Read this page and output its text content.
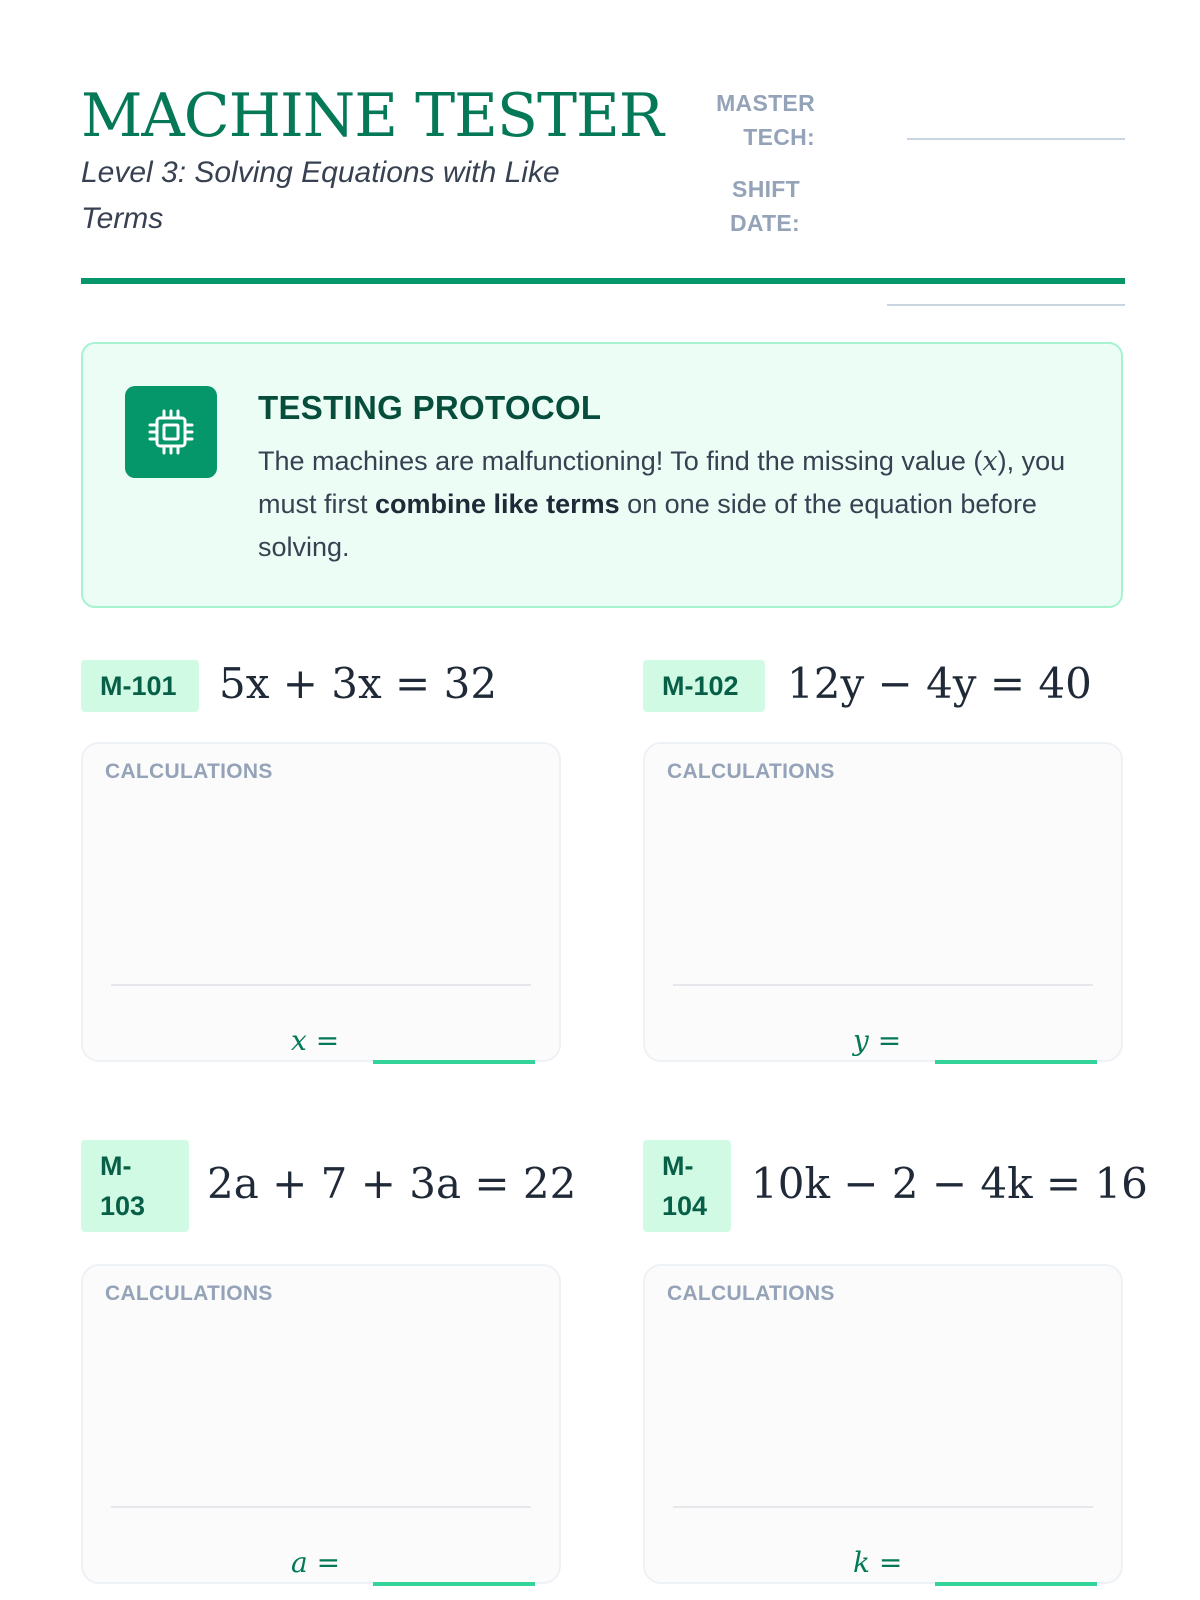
MACHINE TESTER
Level 3: Solving Equations with Like Terms
MASTER TECH:
SHIFT DATE:
TESTING PROTOCOL
The machines are malfunctioning! To find the missing value (x), you must first combine like terms on one side of the equation before solving.
M-101	5x + 3x = 32
CALCULATIONS
x =
M-102	12y − 4y = 40
CALCULATIONS
y =
M-103	2a + 7 + 3a = 22
CALCULATIONS
a =
M-104	10k − 2 − 4k = 16
CALCULATIONS
k =
